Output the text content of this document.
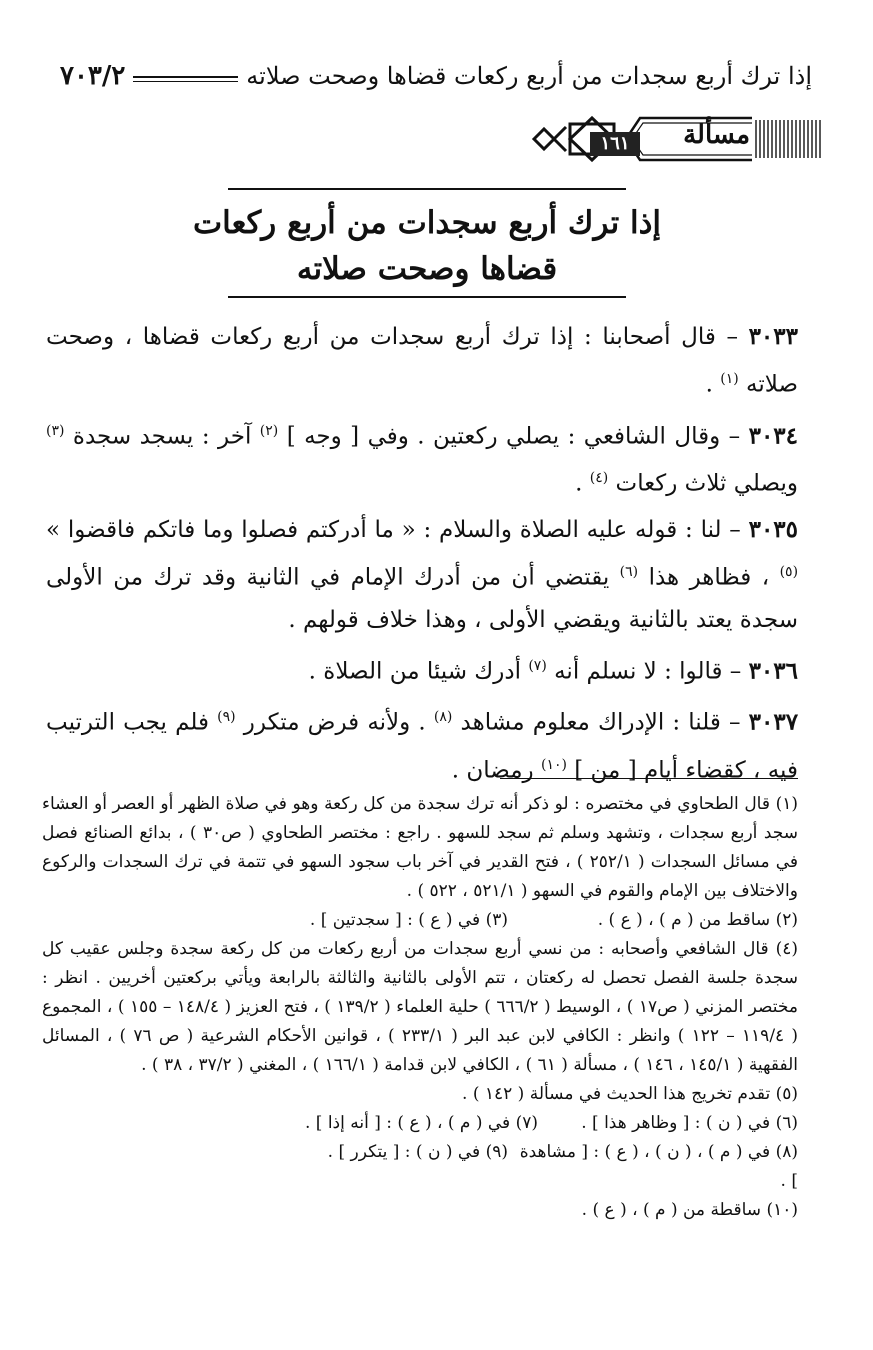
إذا ترك أربع سجدات من أربع ركعات قضاها وصحت صلاته
٧٠٣/٢
مسألة
١٦١
إذا ترك أربع سجدات من أربع ركعات
قضاها وصحت صلاته

٣٠٣٣ – قال أصحابنا : إذا ترك أربع سجدات من أربع ركعات قضاها ، وصحت صلاته $^{(١)}$ .

٣٠٣٤ – وقال الشافعي : يصلي ركعتين . وفي [ وجه ] $^{(٢)}$ آخر : يسجد سجدة $^{(٣)}$ ويصلي ثلاث ركعات $^{(٤)}$ .

٣٠٣٥ – لنا : قوله عليه الصلاة والسلام : « ما أدركتم فصلوا وما فاتكم فاقضوا » $^{(٥)}$ ، فظاهر هذا $^{(٦)}$ يقتضي أن من أدرك الإمام في الثانية وقد ترك من الأولى سجدة يعتد بالثانية ويقضي الأولى ، وهذا خلاف قولهم .

٣٠٣٦ – قالوا : لا نسلم أنه $^{(٧)}$ أدرك شيئا من الصلاة .

٣٠٣٧ – قلنا : الإدراك معلوم مشاهد $^{(٨)}$ . ولأنه فرض متكرر $^{(٩)}$ فلم يجب الترتيب فيه ، كقضاء أيام [ من ] $^{(١٠)}$ رمضان .

(١) قال الطحاوي في مختصره : لو ذكر أنه ترك سجدة من كل ركعة وهو في صلاة الظهر أو العصر أو العشاء سجد أربع سجدات ، وتشهد وسلم ثم سجد للسهو . راجع : مختصر الطحاوي ( ص٣٠ ) ، بدائع الصنائع فصل في مسائل السجدات ( ٢٥٢/١ ) ، فتح القدير في آخر باب سجود السهو في تتمة في ترك السجدات والركوع والاختلاف بين الإمام والقوم في السهو ( ٥٢١/١ ، ٥٢٢ ) .

(٢) ساقط من ( م ) ، ( ع ) .
(٣) في ( ع ) : [ سجدتين ] .

(٤) قال الشافعي وأصحابه : من نسي أربع سجدات من أربع ركعات من كل ركعة سجدة وجلس عقيب كل سجدة جلسة الفصل تحصل له ركعتان ، تتم الأولى بالثانية والثالثة بالرابعة ويأتي بركعتين أخريين . انظر : مختصر المزني ( ص١٧ ) ، الوسيط ( ٦٦٦/٢ ) حلية العلماء ( ١٣٩/٢ ) ، فتح العزيز ( ١٤٨/٤ – ١٥٥ ) ، المجموع ( ١١٩/٤ – ١٢٢ ) وانظر : الكافي لابن عبد البر ( ٢٣٣/١ ) ، قوانين الأحكام الشرعية ( ص ٧٦ ) ، المسائل الفقهية ( ١٤٥/١ ، ١٤٦ ) ، مسألة ( ٦١ ) ، الكافي لابن قدامة ( ١٦٦/١ ) ، المغني ( ٣٧/٢ ، ٣٨ ) .

(٥) تقدم تخريج هذا الحديث في مسألة ( ١٤٢ ) .

(٦) في ( ن ) : [ وظاهر هذا ] .
(٧) في ( م ) ، ( ع ) : [ أنه إذا ] .
(٨) في ( م ) ، ( ن ) ، ( ع ) : [ مشاهدة ] .
(٩) في ( ن ) : [ يتكرر ] .

(١٠) ساقطة من ( م ) ، ( ع ) .
